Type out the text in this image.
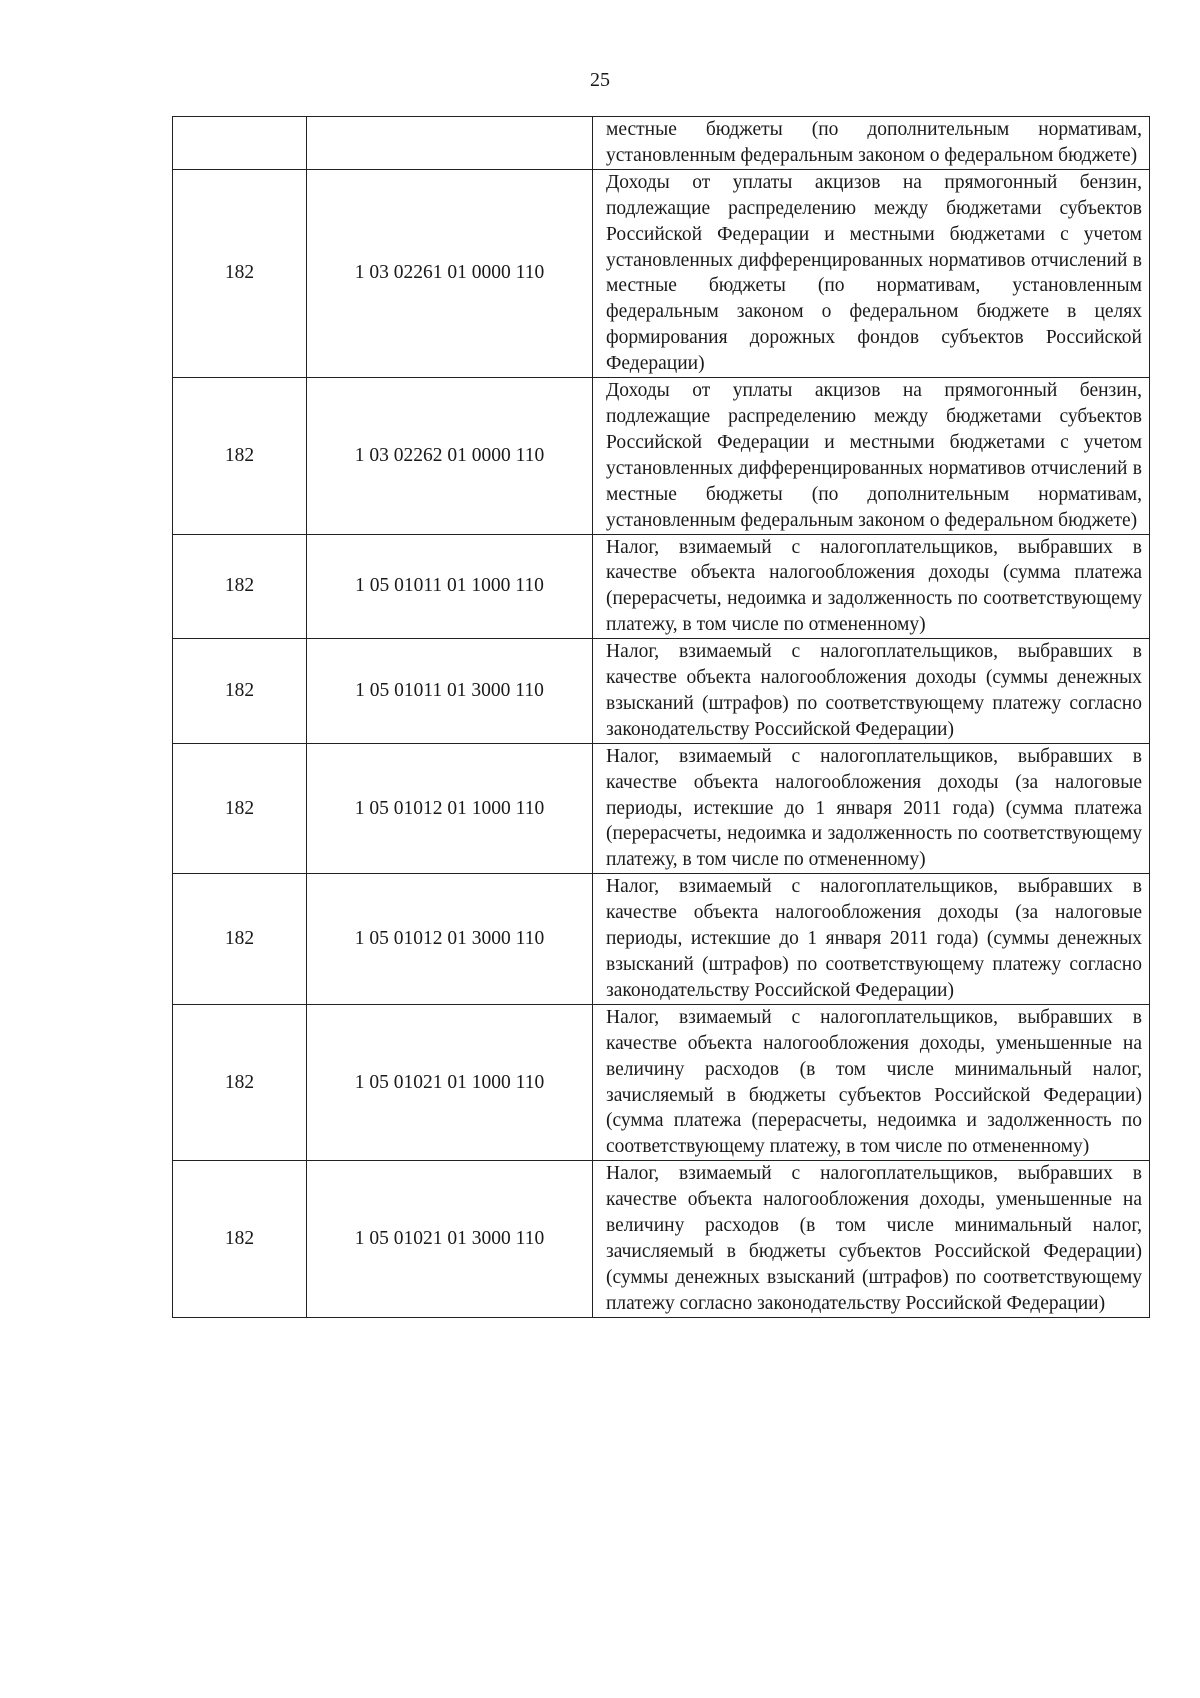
25
		местные бюджеты (по дополнительным нормативам, установленным федеральным законом о федеральном бюджете)
182	1 03 02261 01 0000 110	Доходы от уплаты акцизов на прямогонный бензин, подлежащие распределению между бюджетами субъектов Российской Федерации и местными бюджетами с учетом установленных дифференцированных нормативов отчислений в местные бюджеты (по нормативам, установленным федеральным законом о федеральном бюджете в целях формирования дорожных фондов субъектов Российской Федерации)
182	1 03 02262 01 0000 110	Доходы от уплаты акцизов на прямогонный бензин, подлежащие распределению между бюджетами субъектов Российской Федерации и местными бюджетами с учетом установленных дифференцированных нормативов отчислений в местные бюджеты (по дополнительным нормативам, установленным федеральным законом о федеральном бюджете)
182	1 05 01011 01 1000 110	Налог, взимаемый с налогоплательщиков, выбравших в качестве объекта налогообложения доходы (сумма платежа (перерасчеты, недоимка и задолженность по соответствующему платежу, в том числе по отмененному)
182	1 05 01011 01 3000 110	Налог, взимаемый с налогоплательщиков, выбравших в качестве объекта налогообложения доходы (суммы денежных взысканий (штрафов) по соответствующему платежу согласно законодательству Российской Федерации)
182	1 05 01012 01 1000 110	Налог, взимаемый с налогоплательщиков, выбравших в качестве объекта налогообложения доходы (за налоговые периоды, истекшие до 1 января 2011 года) (сумма платежа (перерасчеты, недоимка и задолженность по соответствующему платежу, в том числе по отмененному)
182	1 05 01012 01 3000 110	Налог, взимаемый с налогоплательщиков, выбравших в качестве объекта налогообложения доходы (за налоговые периоды, истекшие до 1 января 2011 года) (суммы денежных взысканий (штрафов) по соответствующему платежу согласно законодательству Российской Федерации)
182	1 05 01021 01 1000 110	Налог, взимаемый с налогоплательщиков, выбравших в качестве объекта налогообложения доходы, уменьшенные на величину расходов (в том числе минимальный налог, зачисляемый в бюджеты субъектов Российской Федерации) (сумма платежа (перерасчеты, недоимка и задолженность по соответствующему платежу, в том числе по отмененному)
182	1 05 01021 01 3000 110	Налог, взимаемый с налогоплательщиков, выбравших в качестве объекта налогообложения доходы, уменьшенные на величину расходов (в том числе минимальный налог, зачисляемый в бюджеты субъектов Российской Федерации) (суммы денежных взысканий (штрафов) по соответствующему платежу согласно законодательству Российской Федерации)
